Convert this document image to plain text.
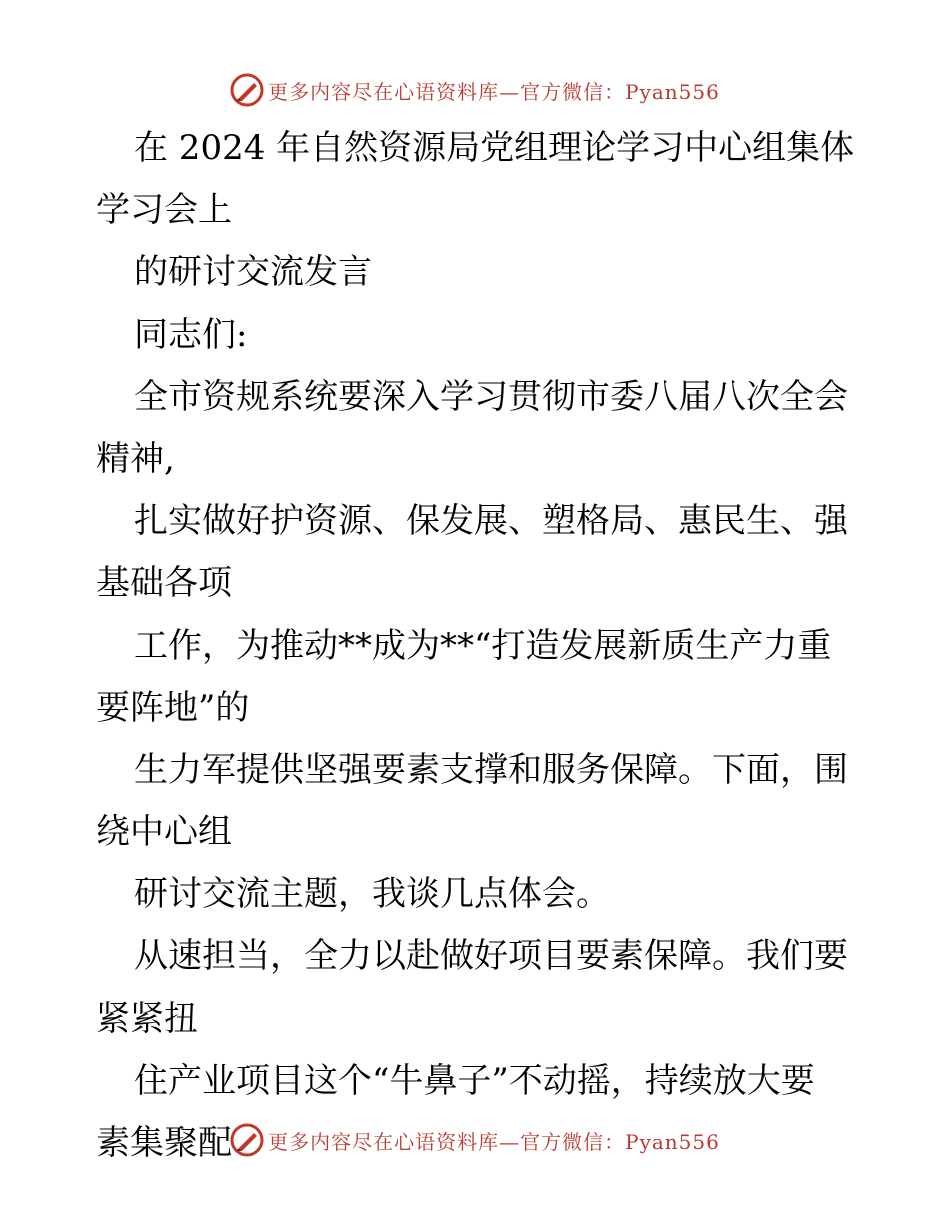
更多内容尽在心语资料库—官方微信：Pyan556
在 2024 年自然资源局党组理论学习中心组集体
学习会上
的研讨交流发言
同志们:
全市资规系统要深入学习贯彻市委八届八次全会
精神,
扎实做好护资源、保发展、塑格局、惠民生、强
基础各项
工作，为推动**成为**“打造发展新质生产力重
要阵地”的
生力军提供坚强要素支撑和服务保障。下面，围
绕中心组
研讨交流主题，我谈几点体会。
从速担当，全力以赴做好项目要素保障。我们要
紧紧扭
住产业项目这个“牛鼻子”不动摇，持续放大要
素集聚配	更多内容尽在心语资料库—官方微信：Pyan556
